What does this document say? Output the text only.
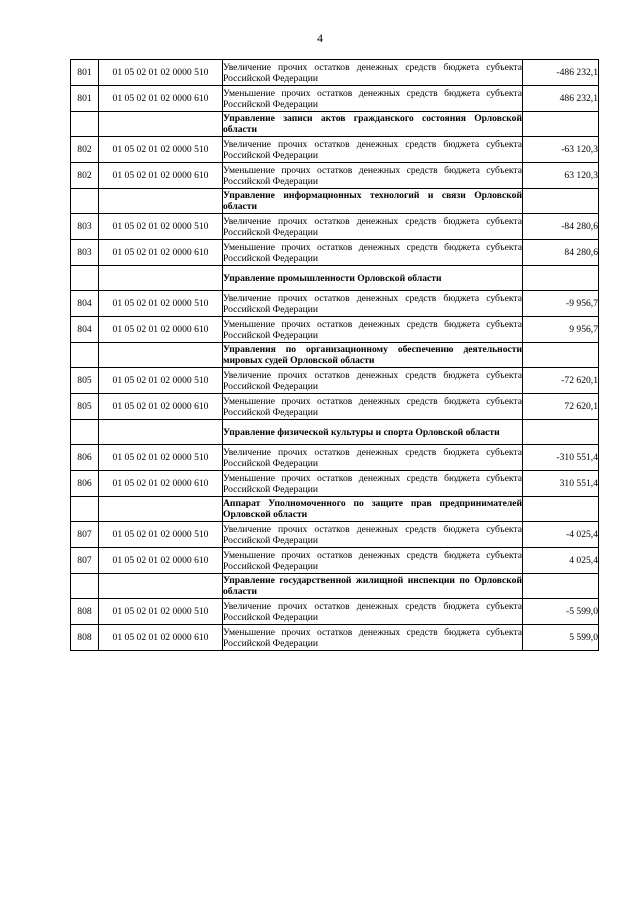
4
801	01 05 02 01 02 0000 510	Увеличение прочих остатков денежных средств бюджета субъекта Российской Федерации	-486 232,1
801	01 05 02 01 02 0000 610	Уменьшение прочих остатков денежных средств бюджета субъекта Российской Федерации	486 232,1
		Управление записи актов гражданского состояния Орловской области	
802	01 05 02 01 02 0000 510	Увеличение прочих остатков денежных средств бюджета субъекта Российской Федерации	-63 120,3
802	01 05 02 01 02 0000 610	Уменьшение прочих остатков денежных средств бюджета субъекта Российской Федерации	63 120,3
		Управление информационных технологий и связи Орловской области	
803	01 05 02 01 02 0000 510	Увеличение прочих остатков денежных средств бюджета субъекта Российской Федерации	-84 280,6
803	01 05 02 01 02 0000 610	Уменьшение прочих остатков денежных средств бюджета субъекта Российской Федерации	84 280,6
		Управление промышленности Орловской области	
804	01 05 02 01 02 0000 510	Увеличение прочих остатков денежных средств бюджета субъекта Российской Федерации	-9 956,7
804	01 05 02 01 02 0000 610	Уменьшение прочих остатков денежных средств бюджета субъекта Российской Федерации	9 956,7
		Управления по организационному обеспечению деятельности мировых судей Орловской области	
805	01 05 02 01 02 0000 510	Увеличение прочих остатков денежных средств бюджета субъекта Российской Федерации	-72 620,1
805	01 05 02 01 02 0000 610	Уменьшение прочих остатков денежных средств бюджета субъекта Российской Федерации	72 620,1
		Управление физической культуры и спорта Орловской области	
806	01 05 02 01 02 0000 510	Увеличение прочих остатков денежных средств бюджета субъекта Российской Федерации	-310 551,4
806	01 05 02 01 02 0000 610	Уменьшение прочих остатков денежных средств бюджета субъекта Российской Федерации	310 551,4
		Аппарат Уполномоченного по защите прав предпринимателей Орловской области	
807	01 05 02 01 02 0000 510	Увеличение прочих остатков денежных средств бюджета субъекта Российской Федерации	-4 025,4
807	01 05 02 01 02 0000 610	Уменьшение прочих остатков денежных средств бюджета субъекта Российской Федерации	4 025,4
		Управление государственной жилищной инспекции по Орловской области	
808	01 05 02 01 02 0000 510	Увеличение прочих остатков денежных средств бюджета субъекта Российской Федерации	-5 599,0
808	01 05 02 01 02 0000 610	Уменьшение прочих остатков денежных средств бюджета субъекта Российской Федерации	5 599,0
